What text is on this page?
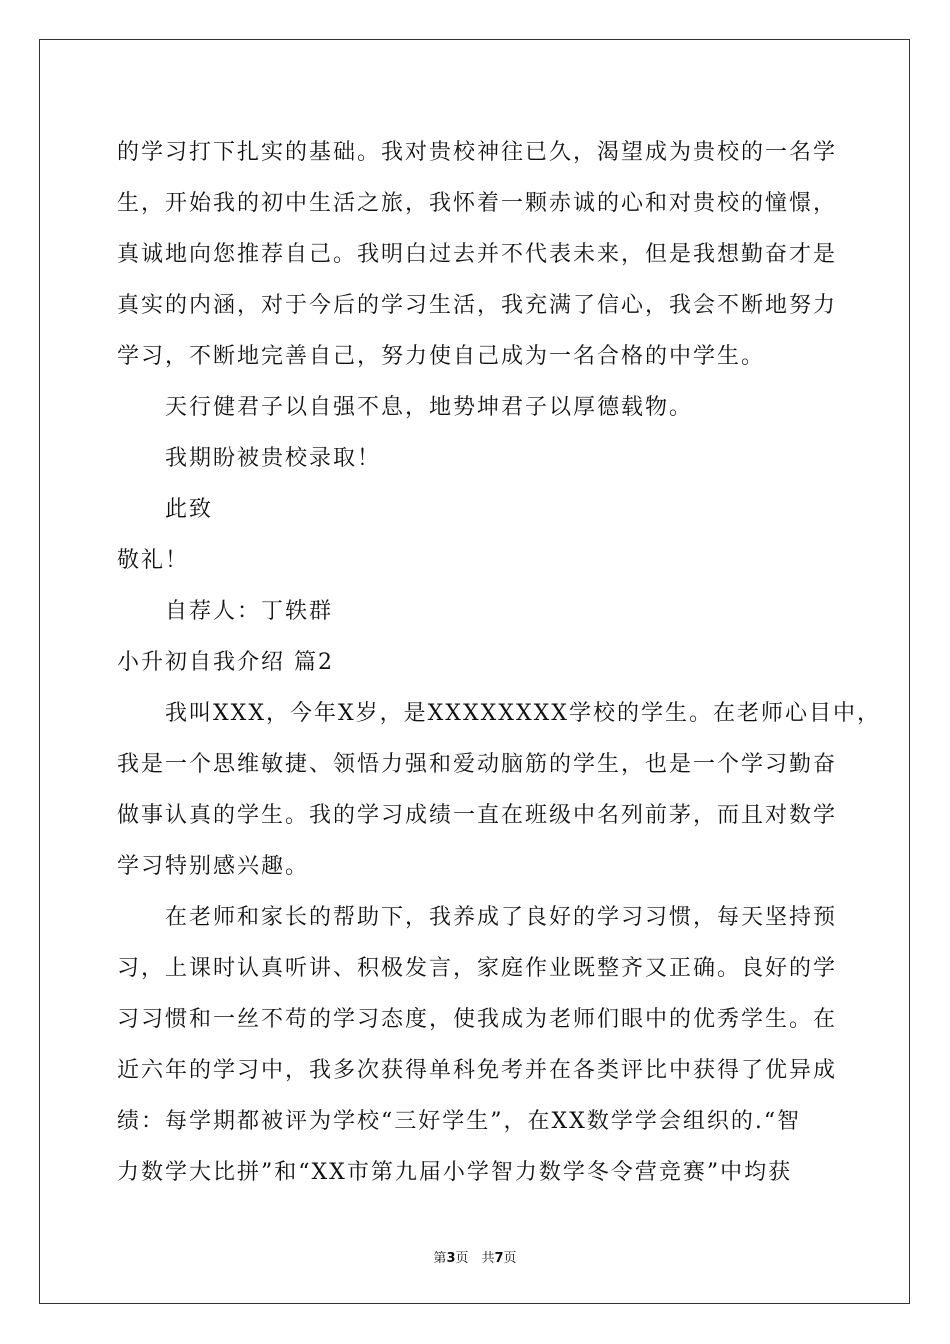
的学习打下扎实的基础。我对贵校神往已久，渴望成为贵校的一名学
生，开始我的初中生活之旅，我怀着一颗赤诚的心和对贵校的憧憬，
真诚地向您推荐自己。我明白过去并不代表未来，但是我想勤奋才是
真实的内涵，对于今后的学习生活，我充满了信心，我会不断地努力
学习，不断地完善自己，努力使自己成为一名合格的中学生。
天行健君子以自强不息，地势坤君子以厚德载物。
我期盼被贵校录取！
此致
敬礼！
自荐人：丁轶群
小升初自我介绍 篇2
我叫XXX，今年X岁，是XXXXXXXX学校的学生。在老师心目中，
我是一个思维敏捷、领悟力强和爱动脑筋的学生，也是一个学习勤奋
做事认真的学生。我的学习成绩一直在班级中名列前茅，而且对数学
学习特别感兴趣。
在老师和家长的帮助下，我养成了良好的学习习惯，每天坚持预
习，上课时认真听讲、积极发言，家庭作业既整齐又正确。良好的学
习习惯和一丝不苟的学习态度，使我成为老师们眼中的优秀学生。在
近六年的学习中，我多次获得单科免考并在各类评比中获得了优异成
绩：每学期都被评为学校“三好学生”，在XX数学学会组织的.“智
力数学大比拼”和“XX市第九届小学智力数学冬令营竞赛”中均获
第3页　共7页
